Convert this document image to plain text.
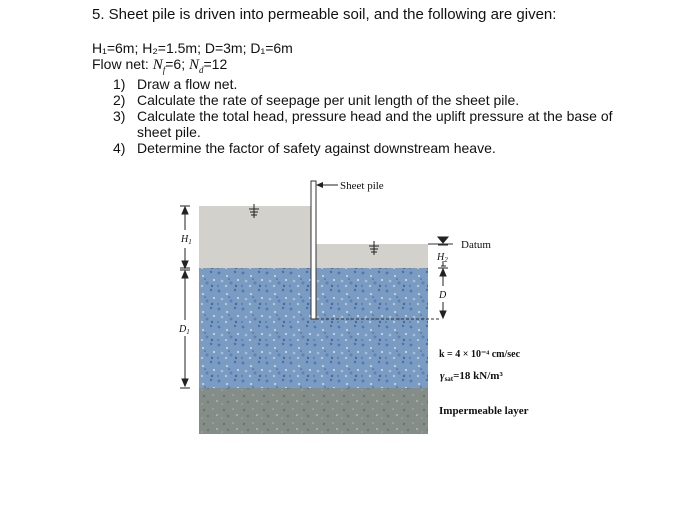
5. Sheet pile is driven into permeable soil, and the following are given:
H₁=6m; H₂=1.5m; D=3m; D₁=6m
Flow net: $N_f=6$; $N_d=12$
1) Draw a flow net.
2) Calculate the rate of seepage per unit length of the sheet pile.
3) Calculate the total head, pressure head and the uplift pressure at the base of sheet pile.
4) Determine the factor of safety against downstream heave.
Sheet pile
$H_1$
$D_1$
$H_2$
D
Datum
k = 4 × 10⁻⁴ cm/sec
γsat=18 kN/m³
Impermeable layer
